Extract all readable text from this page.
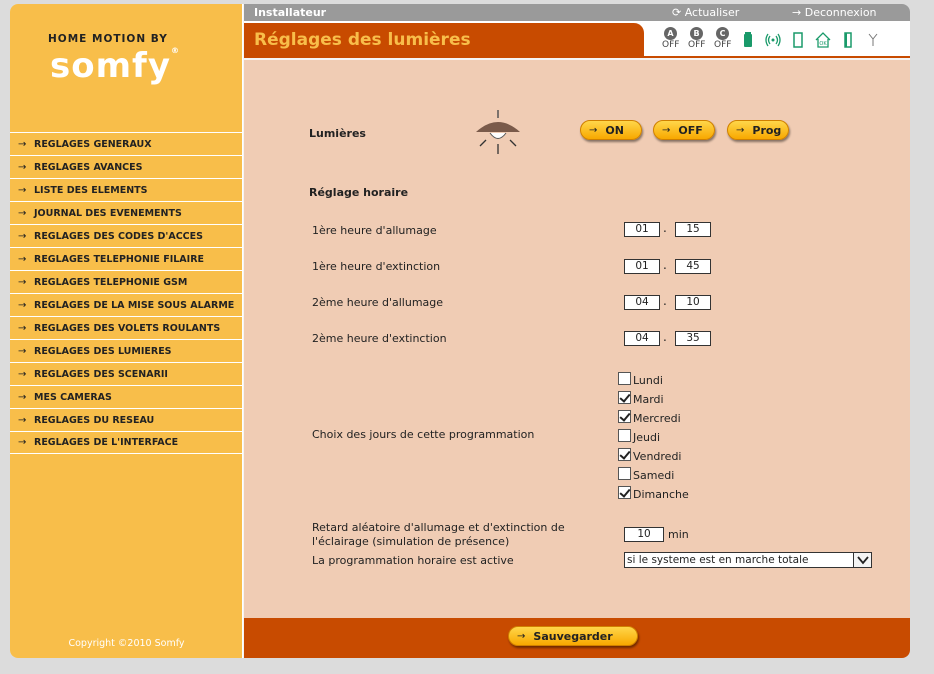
HOME MOTION BY
somfy®
→ REGLAGES GENERAUX
→ REGLAGES AVANCES
→ LISTE DES ELEMENTS
→ JOURNAL DES EVENEMENTS
→ REGLAGES DES CODES D'ACCES
→ REGLAGES TELEPHONIE FILAIRE
→ REGLAGES TELEPHONIE GSM
→ REGLAGES DE LA MISE SOUS ALARME
→ REGLAGES DES VOLETS ROULANTS
→ REGLAGES DES LUMIERES
→ REGLAGES DES SCENARII
→ MES CAMERAS
→ REGLAGES DU RESEAU
→ REGLAGES DE L'INTERFACE
Copyright ©2010 Somfy
Installateur	⟳ Actualiser	→ Deconnexion
Réglages des lumières	A
OFF
B
OFF
C
OFF	OK
Lumières	→ ON	→ OFF	→ Prog
Réglage horaire
1ère heure d'allumage	01	.	15
1ère heure d'extinction	01	.	45
2ème heure d'allumage	04	.	10
2ème heure d'extinction	04	.	35
Choix des jours de cette programmation
Lundi
Mardi
Mercredi
Jeudi
Vendredi
Samedi
Dimanche
Retard aléatoire d'allumage et d'extinction de
l'éclairage (simulation de présence)
10	min
La programmation horaire est active	si le systeme est en marche totale
→ Sauvegarder
